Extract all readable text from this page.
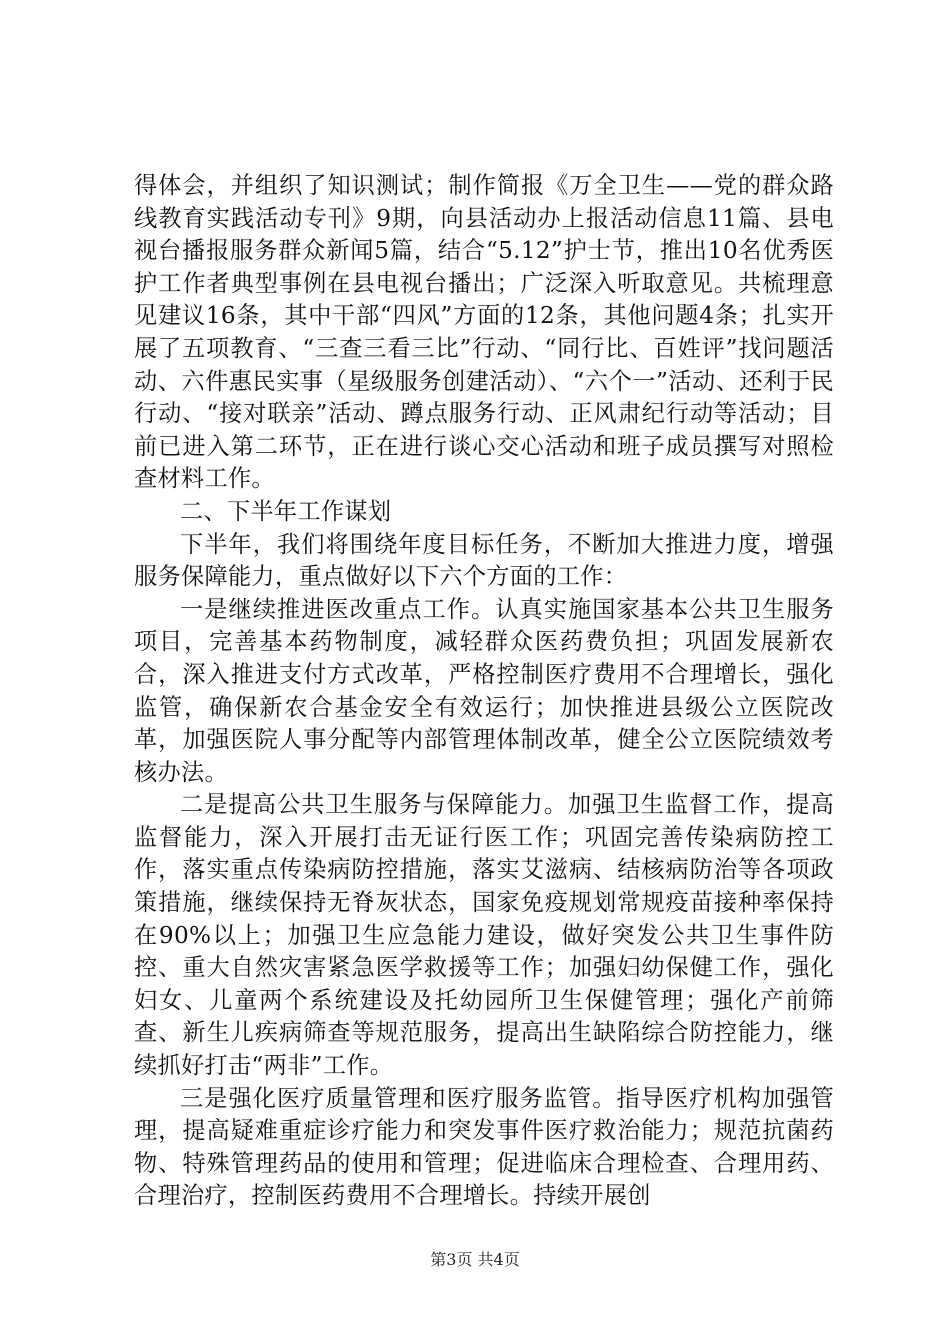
得体会，并组织了知识测试；制作简报《万全卫生——党的群众路线教育实践活动专刊》9期，向县活动办上报活动信息11篇、县电视台播报服务群众新闻5篇，结合“5.12”护士节，推出10名优秀医护工作者典型事例在县电视台播出；广泛深入听取意见。共梳理意见建议16条，其中干部“四风”方面的12条，其他问题4条；扎实开展了五项教育、“三查三看三比”行动、“同行比、百姓评”找问题活动、六件惠民实事（星级服务创建活动）、“六个一”活动、还利于民行动、“接对联亲”活动、蹲点服务行动、正风肃纪行动等活动；目前已进入第二环节，正在进行谈心交心活动和班子成员撰写对照检查材料工作。

二、下半年工作谋划

下半年，我们将围绕年度目标任务，不断加大推进力度，增强服务保障能力，重点做好以下六个方面的工作：

一是继续推进医改重点工作。认真实施国家基本公共卫生服务项目，完善基本药物制度，减轻群众医药费负担；巩固发展新农合，深入推进支付方式改革，严格控制医疗费用不合理增长，强化监管，确保新农合基金安全有效运行；加快推进县级公立医院改革，加强医院人事分配等内部管理体制改革，健全公立医院绩效考核办法。

二是提高公共卫生服务与保障能力。加强卫生监督工作，提高监督能力，深入开展打击无证行医工作；巩固完善传染病防控工作，落实重点传染病防控措施，落实艾滋病、结核病防治等各项政策措施，继续保持无脊灰状态，国家免疫规划常规疫苗接种率保持在90%以上；加强卫生应急能力建设，做好突发公共卫生事件防控、重大自然灾害紧急医学救援等工作；加强妇幼保健工作，强化妇女、儿童两个系统建设及托幼园所卫生保健管理；强化产前筛查、新生儿疾病筛查等规范服务，提高出生缺陷综合防控能力，继续抓好打击“两非”工作。

三是强化医疗质量管理和医疗服务监管。指导医疗机构加强管理，提高疑难重症诊疗能力和突发事件医疗救治能力；规范抗菌药物、特殊管理药品的使用和管理；促进临床合理检查、合理用药、合理治疗，控制医药费用不合理增长。持续开展创

第3页 共4页
